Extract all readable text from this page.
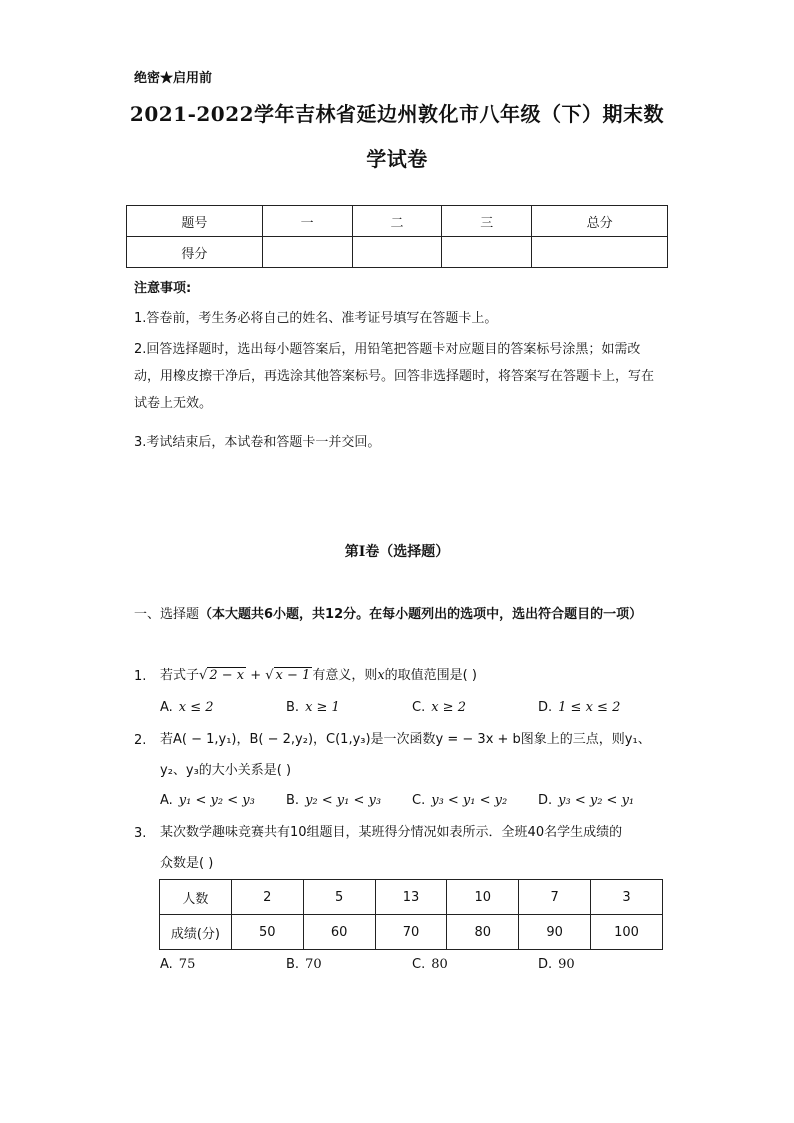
绝密★启用前
2021-2022学年吉林省延边州敦化市八年级（下）期末数
学试卷
题号	一	二	三	总分
得分				
注意事项:
1.答卷前，考生务必将自己的姓名、准考证号填写在答题卡上。
2.回答选择题时，选出每小题答案后，用铅笔把答题卡对应题目的答案标号涂黑；如需改动，用橡皮擦干净后，再选涂其他答案标号。回答非选择题时，将答案写在答题卡上，写在试卷上无效。
3.考试结束后，本试卷和答题卡一并交回。
第Ⅰ卷（选择题）
一、选择题（本大题共6小题，共12分。在每小题列出的选项中，选出符合题目的一项）
1. 若式子√ 2 − x + √ x − 1 有意义，则x的取值范围是( )
A. x ≤ 2	B. x ≥ 1	C. x ≥ 2	D. 1 ≤ x ≤ 2
2. 若A( − 1,y₁)，B( − 2,y₂)，C(1,y₃)是一次函数y = − 3x + b图象上的三点，则y₁、
y₂、y₃的大小关系是( )
A. y₁ < y₂ < y₃ B. y₂ < y₁ < y₃ C. y₃ < y₁ < y₂ D. y₃ < y₂ < y₁
3. 某次数学趣味竞赛共有10组题目，某班得分情况如表所示．全班40名学生成绩的
众数是( )
人数	2	5	13	10	7	3
成绩(分)	50	60	70	80	90	100
A. 75	B. 70	C. 80	D. 90
